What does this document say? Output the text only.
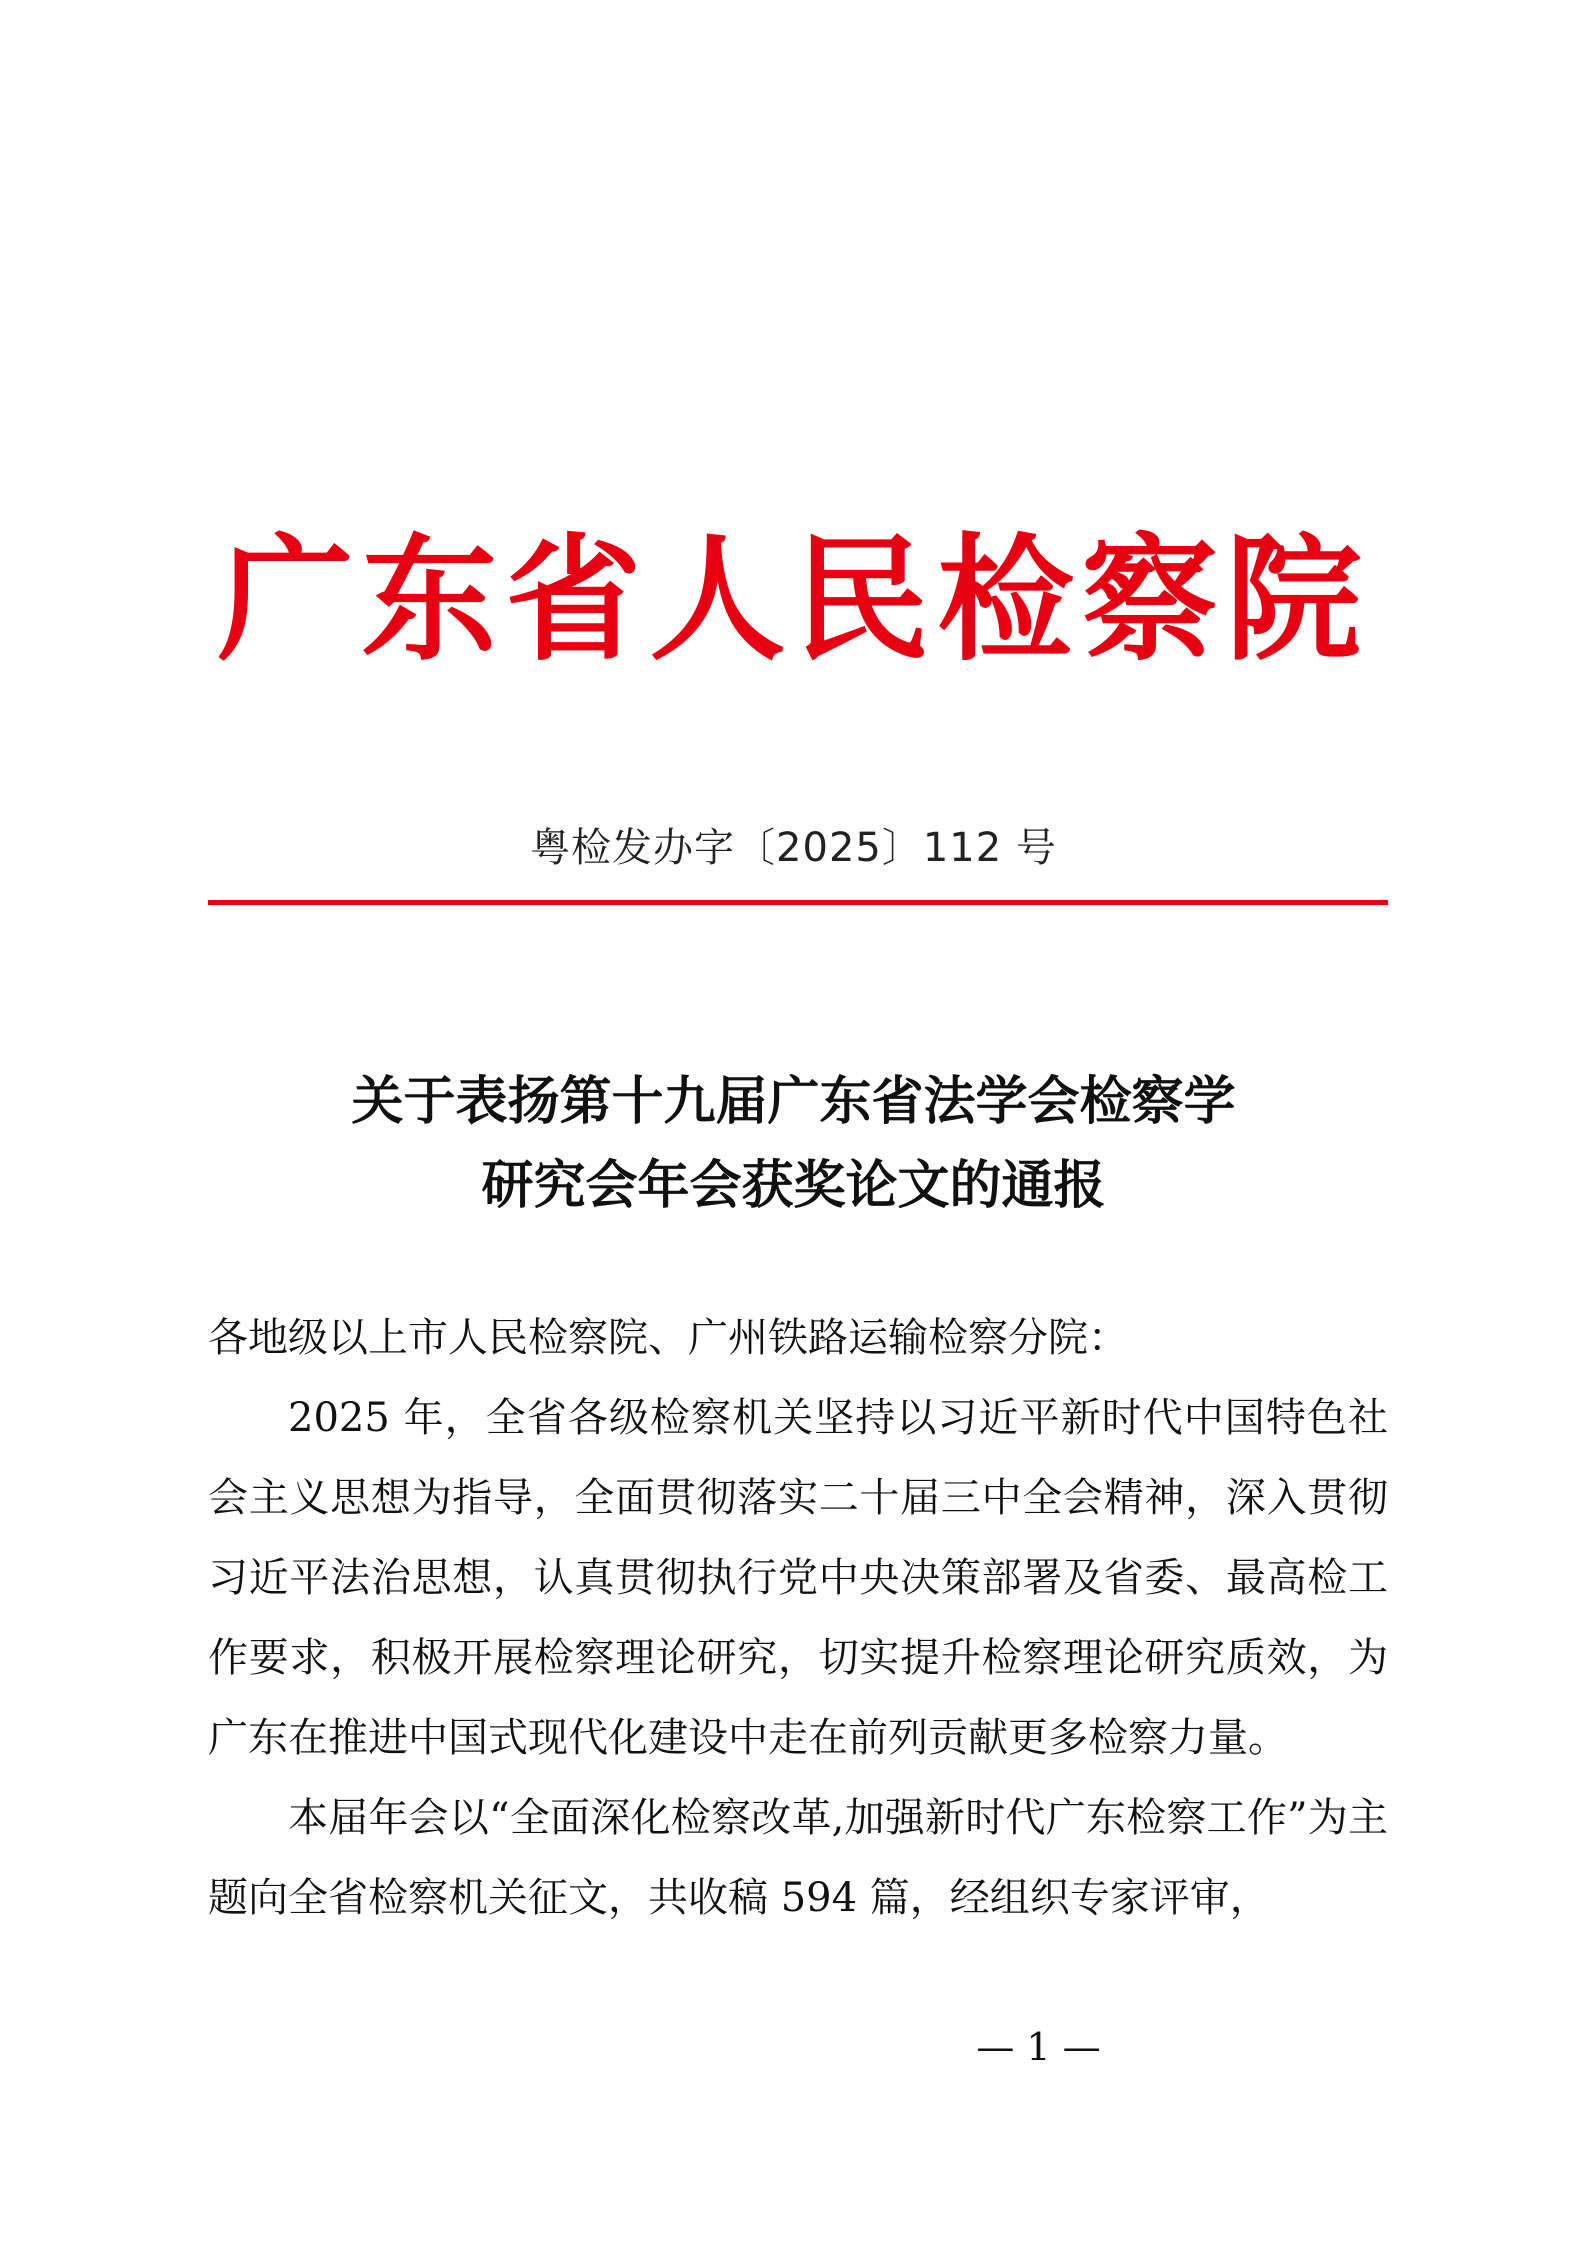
广东省人民检察院
粤检发办字〔2025〕112 号
关于表扬第十九届广东省法学会检察学
研究会年会获奖论文的通报

各地级以上市人民检察院、广州铁路运输检察分院：

2025 年，全省各级检察机关坚持以习近平新时代中国特色社会主义思想为指导，全面贯彻落实二十届三中全会精神，深入贯彻习近平法治思想，认真贯彻执行党中央决策部署及省委、最高检工作要求，积极开展检察理论研究，切实提升检察理论研究质效，为广东在推进中国式现代化建设中走在前列贡献更多检察力量。

本届年会以“全面深化检察改革,加强新时代广东检察工作”为主题向全省检察机关征文，共收稿 594 篇，经组织专家评审，

— 1 —
